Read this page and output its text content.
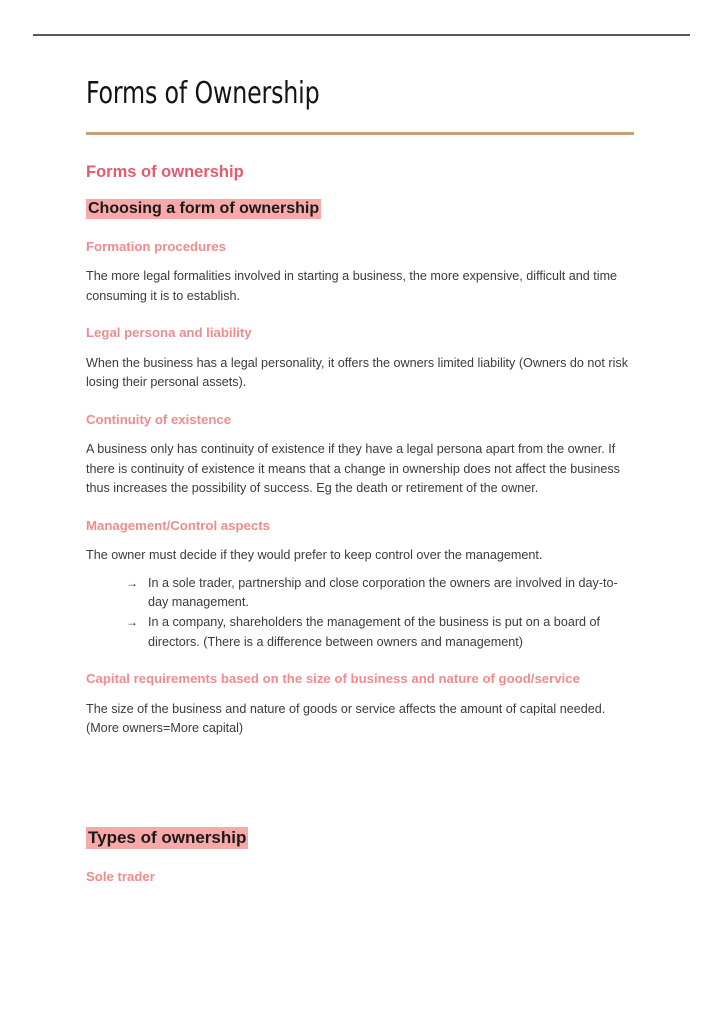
Forms of Ownership
Forms of ownership
Choosing a form of ownership
Formation procedures

The more legal formalities involved in starting a business, the more expensive, difficult and time consuming it is to establish.

Legal persona and liability

When the business has a legal personality, it offers the owners limited liability (Owners do not risk losing their personal assets).

Continuity of existence

A business only has continuity of existence if they have a legal persona apart from the owner. If there is continuity of existence it means that a change in ownership does not affect the business thus increases the possibility of success. Eg the death or retirement of the owner.

Management/Control aspects

The owner must decide if they would prefer to keep control over the management.

→ In a sole trader, partnership and close corporation the owners are involved in day-to-day management.
→ In a company, shareholders the management of the business is put on a board of directors. (There is a difference between owners and management)
Capital requirements based on the size of business and nature of good/service

The size of the business and nature of goods or service affects the amount of capital needed. (More owners=More capital)

Types of ownership
Sole trader
